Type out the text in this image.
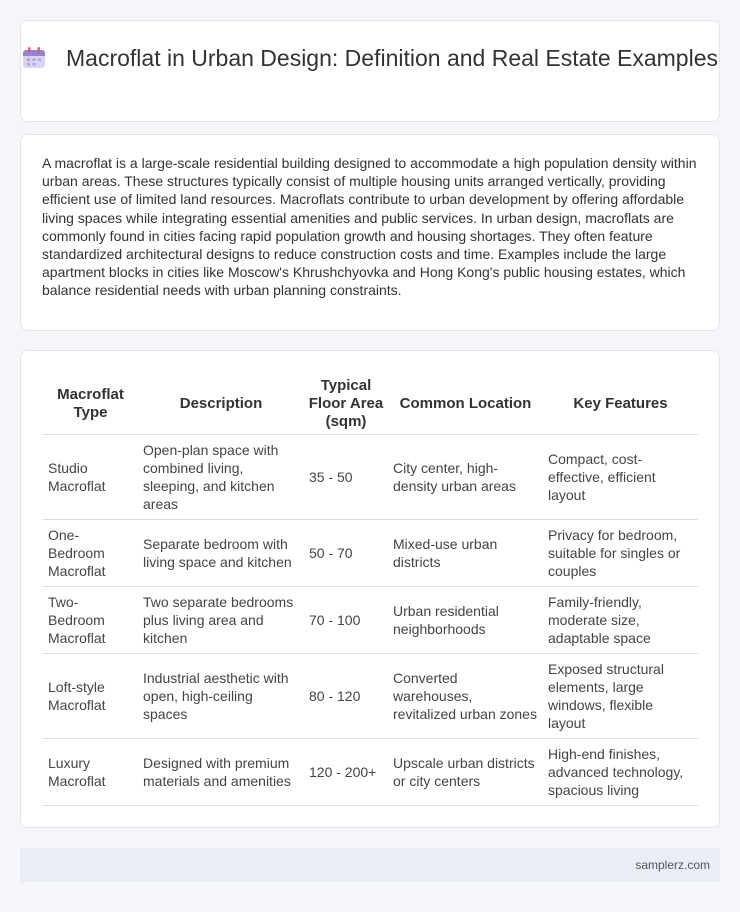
Macroflat in Urban Design: Definition and Real Estate Examples

A macroflat is a large-scale residential building designed to accommodate a high population density within urban areas. These structures typically consist of multiple housing units arranged vertically, providing efficient use of limited land resources. Macroflats contribute to urban development by offering affordable living spaces while integrating essential amenities and public services. In urban design, macroflats are commonly found in cities facing rapid population growth and housing shortages. They often feature standardized architectural designs to reduce construction costs and time. Examples include the large apartment blocks in cities like Moscow's Khrushchyovka and Hong Kong's public housing estates, which balance residential needs with urban planning constraints.

Macroflat Type	Description	Typical Floor Area (sqm)	Common Location	Key Features
Studio Macroflat	Open-plan space with combined living, sleeping, and kitchen areas	35 - 50	City center, high-density urban areas	Compact, cost-effective, efficient layout
One-Bedroom Macroflat	Separate bedroom with living space and kitchen	50 - 70	Mixed-use urban districts	Privacy for bedroom, suitable for singles or couples
Two-Bedroom Macroflat	Two separate bedrooms plus living area and kitchen	70 - 100	Urban residential neighborhoods	Family-friendly, moderate size, adaptable space
Loft-style Macroflat	Industrial aesthetic with open, high-ceiling spaces	80 - 120	Converted warehouses, revitalized urban zones	Exposed structural elements, large windows, flexible layout
Luxury Macroflat	Designed with premium materials and amenities	120 - 200+	Upscale urban districts or city centers	High-end finishes, advanced technology, spacious living
samplerz.com
